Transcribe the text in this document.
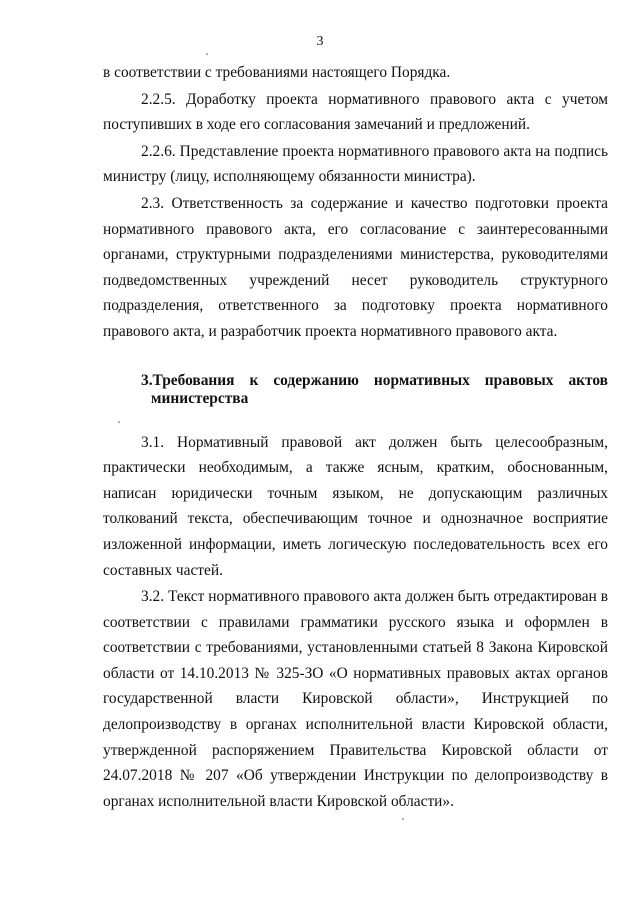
3

в соответствии с требованиями настоящего Порядка.

2.2.5. Доработку проекта нормативного правового акта с учетом поступивших в ходе его согласования замечаний и предложений.

2.2.6. Представление проекта нормативного правового акта на подпись министру (лицу, исполняющему обязанности министра).

2.3. Ответственность за содержание и качество подготовки проекта нормативного правового акта, его согласование с заинтересованными органами, структурными подразделениями министерства, руководителями подведомственных учреждений несет руководитель структурного подразделения, ответственного за подготовку проекта нормативного правового акта, и разработчик проекта нормативного правового акта.

3.Требования к содержанию нормативных правовых актов
министерства

3.1. Нормативный правовой акт должен быть целесообразным, практически необходимым, а также ясным, кратким, обоснованным, написан юридически точным языком, не допускающим различных толкований текста, обеспечивающим точное и однозначное восприятие изложенной информации, иметь логическую последовательность всех его составных частей.

3.2. Текст нормативного правового акта должен быть отредактирован в соответствии с правилами грамматики русского языка и оформлен в соответствии с требованиями, установленными статьей 8 Закона Кировской области от 14.10.2013 № 325-ЗО «О нормативных правовых актах органов государственной власти Кировской области», Инструкцией по делопроизводству в органах исполнительной власти Кировской области, утвержденной распоряжением Правительства Кировской области от 24.07.2018 № 207 «Об утверждении Инструкции по делопроизводству в органах исполнительной власти Кировской области».
